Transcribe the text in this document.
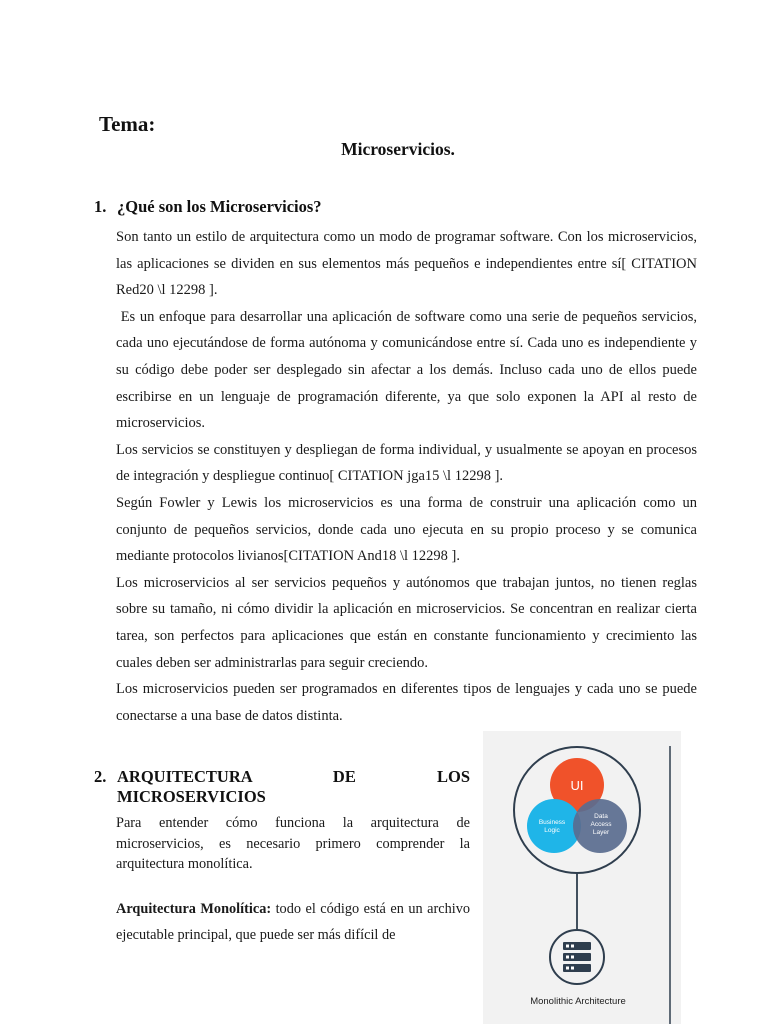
Tema:
Microservicios.
1. ¿Qué son los Microservicios?

Son tanto un estilo de arquitectura como un modo de programar software. Con los microservicios, las aplicaciones se dividen en sus elementos más pequeños e independientes entre sí[ CITATION Red20 \l 12298 ].

Es un enfoque para desarrollar una aplicación de software como una serie de pequeños servicios, cada uno ejecutándose de forma autónoma y comunicándose entre sí. Cada uno es independiente y su código debe poder ser desplegado sin afectar a los demás. Incluso cada uno de ellos puede escribirse en un lenguaje de programación diferente, ya que solo exponen la API al resto de microservicios.

Los servicios se constituyen y despliegan de forma individual, y usualmente se apoyan en procesos de integración y despliegue continuo[ CITATION jga15 \l 12298 ].

Según Fowler y Lewis los microservicios es una forma de construir una aplicación como un conjunto de pequeños servicios, donde cada uno ejecuta en su propio proceso y se comunica mediante protocolos livianos[CITATION And18 \l 12298 ].

Los microservicios al ser servicios pequeños y autónomos que trabajan juntos, no tienen reglas sobre su tamaño, ni cómo dividir la aplicación en microservicios. Se concentran en realizar cierta tarea, son perfectos para aplicaciones que están en constante funcionamiento y crecimiento las cuales deben ser administrarlas para seguir creciendo.

Los microservicios pueden ser programados en diferentes tipos de lenguajes y cada uno se puede conectarse a una base de datos distinta.

2. ARQUITECTURA DE LOS
MICROSERVICIOS

Para entender cómo funciona la arquitectura de microservicios, es necesario primero comprender la arquitectura monolítica.

Arquitectura Monolítica: todo el código está en un archivo ejecutable principal, que puede ser más difícil de

UI
Business
Logic
Data
Access
Layer
Monolithic Architecture
